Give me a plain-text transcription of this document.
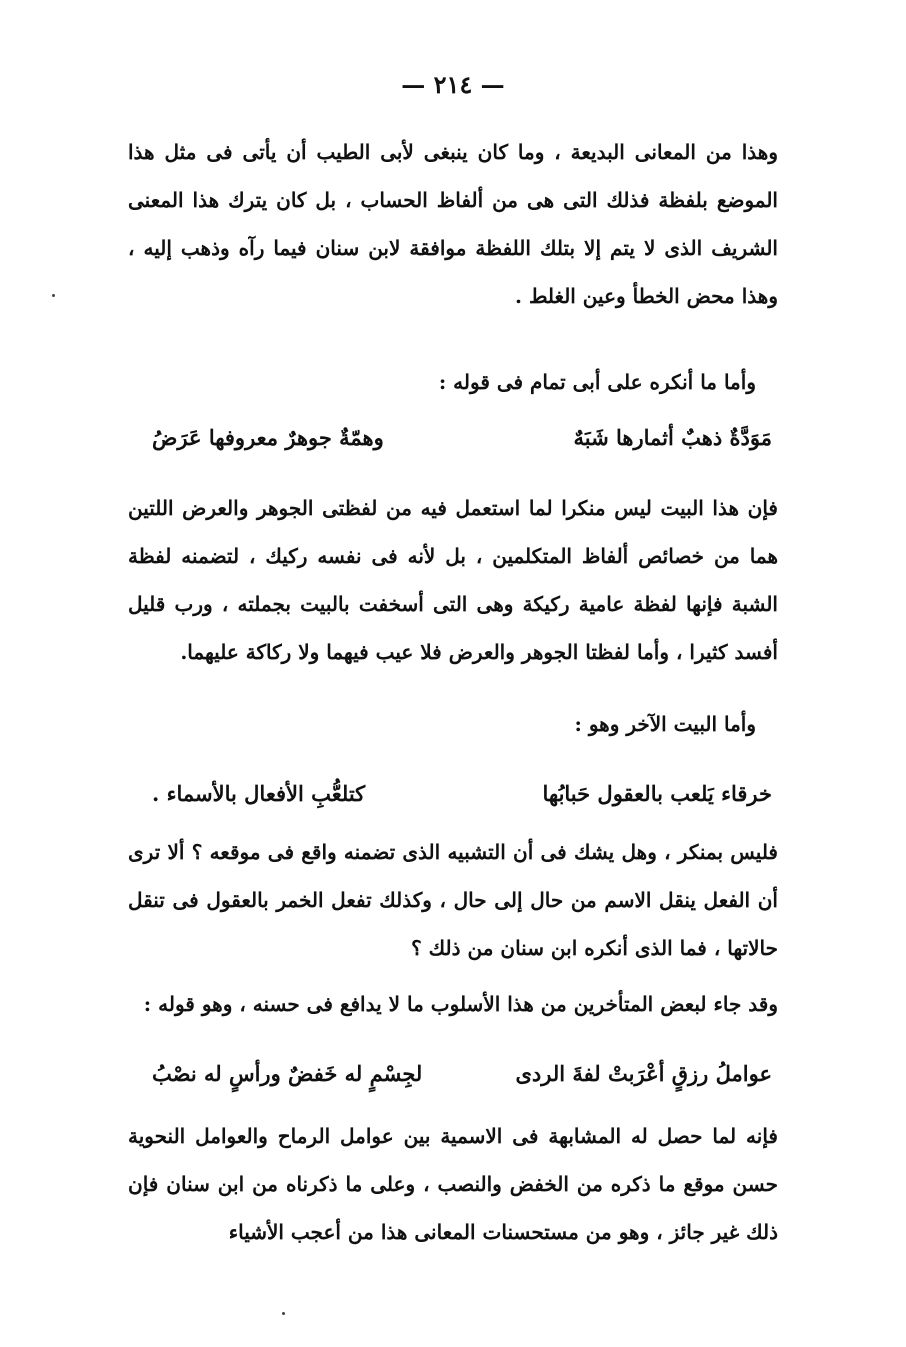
— ٢١٤ —

وهذا من المعانى البديعة ، وما كان ينبغى لأبى الطيب أن يأتى فى مثل هذا الموضع بلفظة فذلك التى هى من ألفاظ الحساب ، بل كان يترك هذا المعنى الشريف الذى لا يتم إلا بتلك اللفظة موافقة لابن سنان فيما رآه وذهب إليه ، وهذا محض الخطأ وعين الغلط .

وأما ما أنكره على أبى تمام فى قوله :
مَوَدَّةٌ ذهبٌ أثمارها شَبَهٌ
وهمّةٌ جوهرٌ معروفها عَرَضُ

فإن هذا البيت ليس منكرا لما استعمل فيه من لفظتى الجوهر والعرض اللتين هما من خصائص ألفاظ المتكلمين ، بل لأنه فى نفسه ركيك ، لتضمنه لفظة الشبة فإنها لفظة عامية ركيكة وهى التى أسخفت بالبيت بجملته ، ورب قليل أفسد كثيرا ، وأما لفظتا الجوهر والعرض فلا عيب فيهما ولا ركاكة عليهما.

وأما البيت الآخر وهو :
خرقاء يَلعب بالعقول حَبابُها
كتلعُّبِ الأفعال بالأسماء .

فليس بمنكر ، وهل يشك فى أن التشبيه الذى تضمنه واقع فى موقعه ؟ ألا ترى أن الفعل ينقل الاسم من حال إلى حال ، وكذلك تفعل الخمر بالعقول فى تنقل حالاتها ، فما الذى أنكره ابن سنان من ذلك ؟

وقد جاء لبعض المتأخرين من هذا الأسلوب ما لا يدافع فى حسنه ، وهو قوله :

عواملُ رزقٍ أعْرَبتْ لفةَ الردى
لجِسْمٍ له خَفضٌ ورأسٍ له نصْبُ

فإنه لما حصل له المشابهة فى الاسمية بين عوامل الرماح والعوامل النحوية حسن موقع ما ذكره من الخفض والنصب ، وعلى ما ذكرناه من ابن سنان فإن ذلك غير جائز ، وهو من مستحسنات المعانى هذا من أعجب الأشياء
